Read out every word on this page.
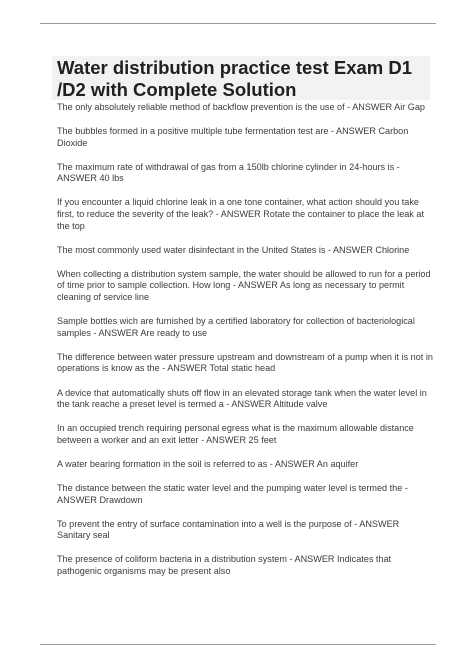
Water distribution practice test Exam D1 /D2 with Complete Solution
The only absolutely reliable method of backflow prevention is the use of - ANSWER Air Gap
The bubbles formed in a positive multiple tube fermentation test are - ANSWER Carbon Dioxide
The maximum rate of withdrawal of gas from a 150lb chlorine cylinder in 24-hours is - ANSWER 40 lbs
If you encounter a liquid chlorine leak in a one tone container, what action should you take first, to reduce the severity of the leak? - ANSWER Rotate the container to place the leak at the top
The most commonly used water disinfectant in the United States is - ANSWER Chlorine
When collecting a distribution system sample, the water should be allowed to run for a period of time prior to sample collection. How long - ANSWER As long as necessary to permit cleaning of service line
Sample bottles wich are furnished by a certified laboratory for collection of bacteriological samples - ANSWER Are ready to use
The difference between water pressure upstream and downstream of a pump when it is not in operations is know as the - ANSWER Total static head
A device that automatically shuts off flow in an elevated storage tank when the water level in the tank reache a preset level is termed a - ANSWER Altitude valve
In an occupied trench requiring personal egress what is the maximum allowable distance between a worker and an exit letter - ANSWER 25 feet
A water bearing formation in the soil is referred to as - ANSWER An aquifer
The distance between the static water level and the pumping water level is termed the - ANSWER Drawdown
To prevent the entry of surface contamination into a well is the purpose of - ANSWER Sanitary seal
The presence of coliform bacteria in a distribution system - ANSWER Indicates that pathogenic organisms may be present also
